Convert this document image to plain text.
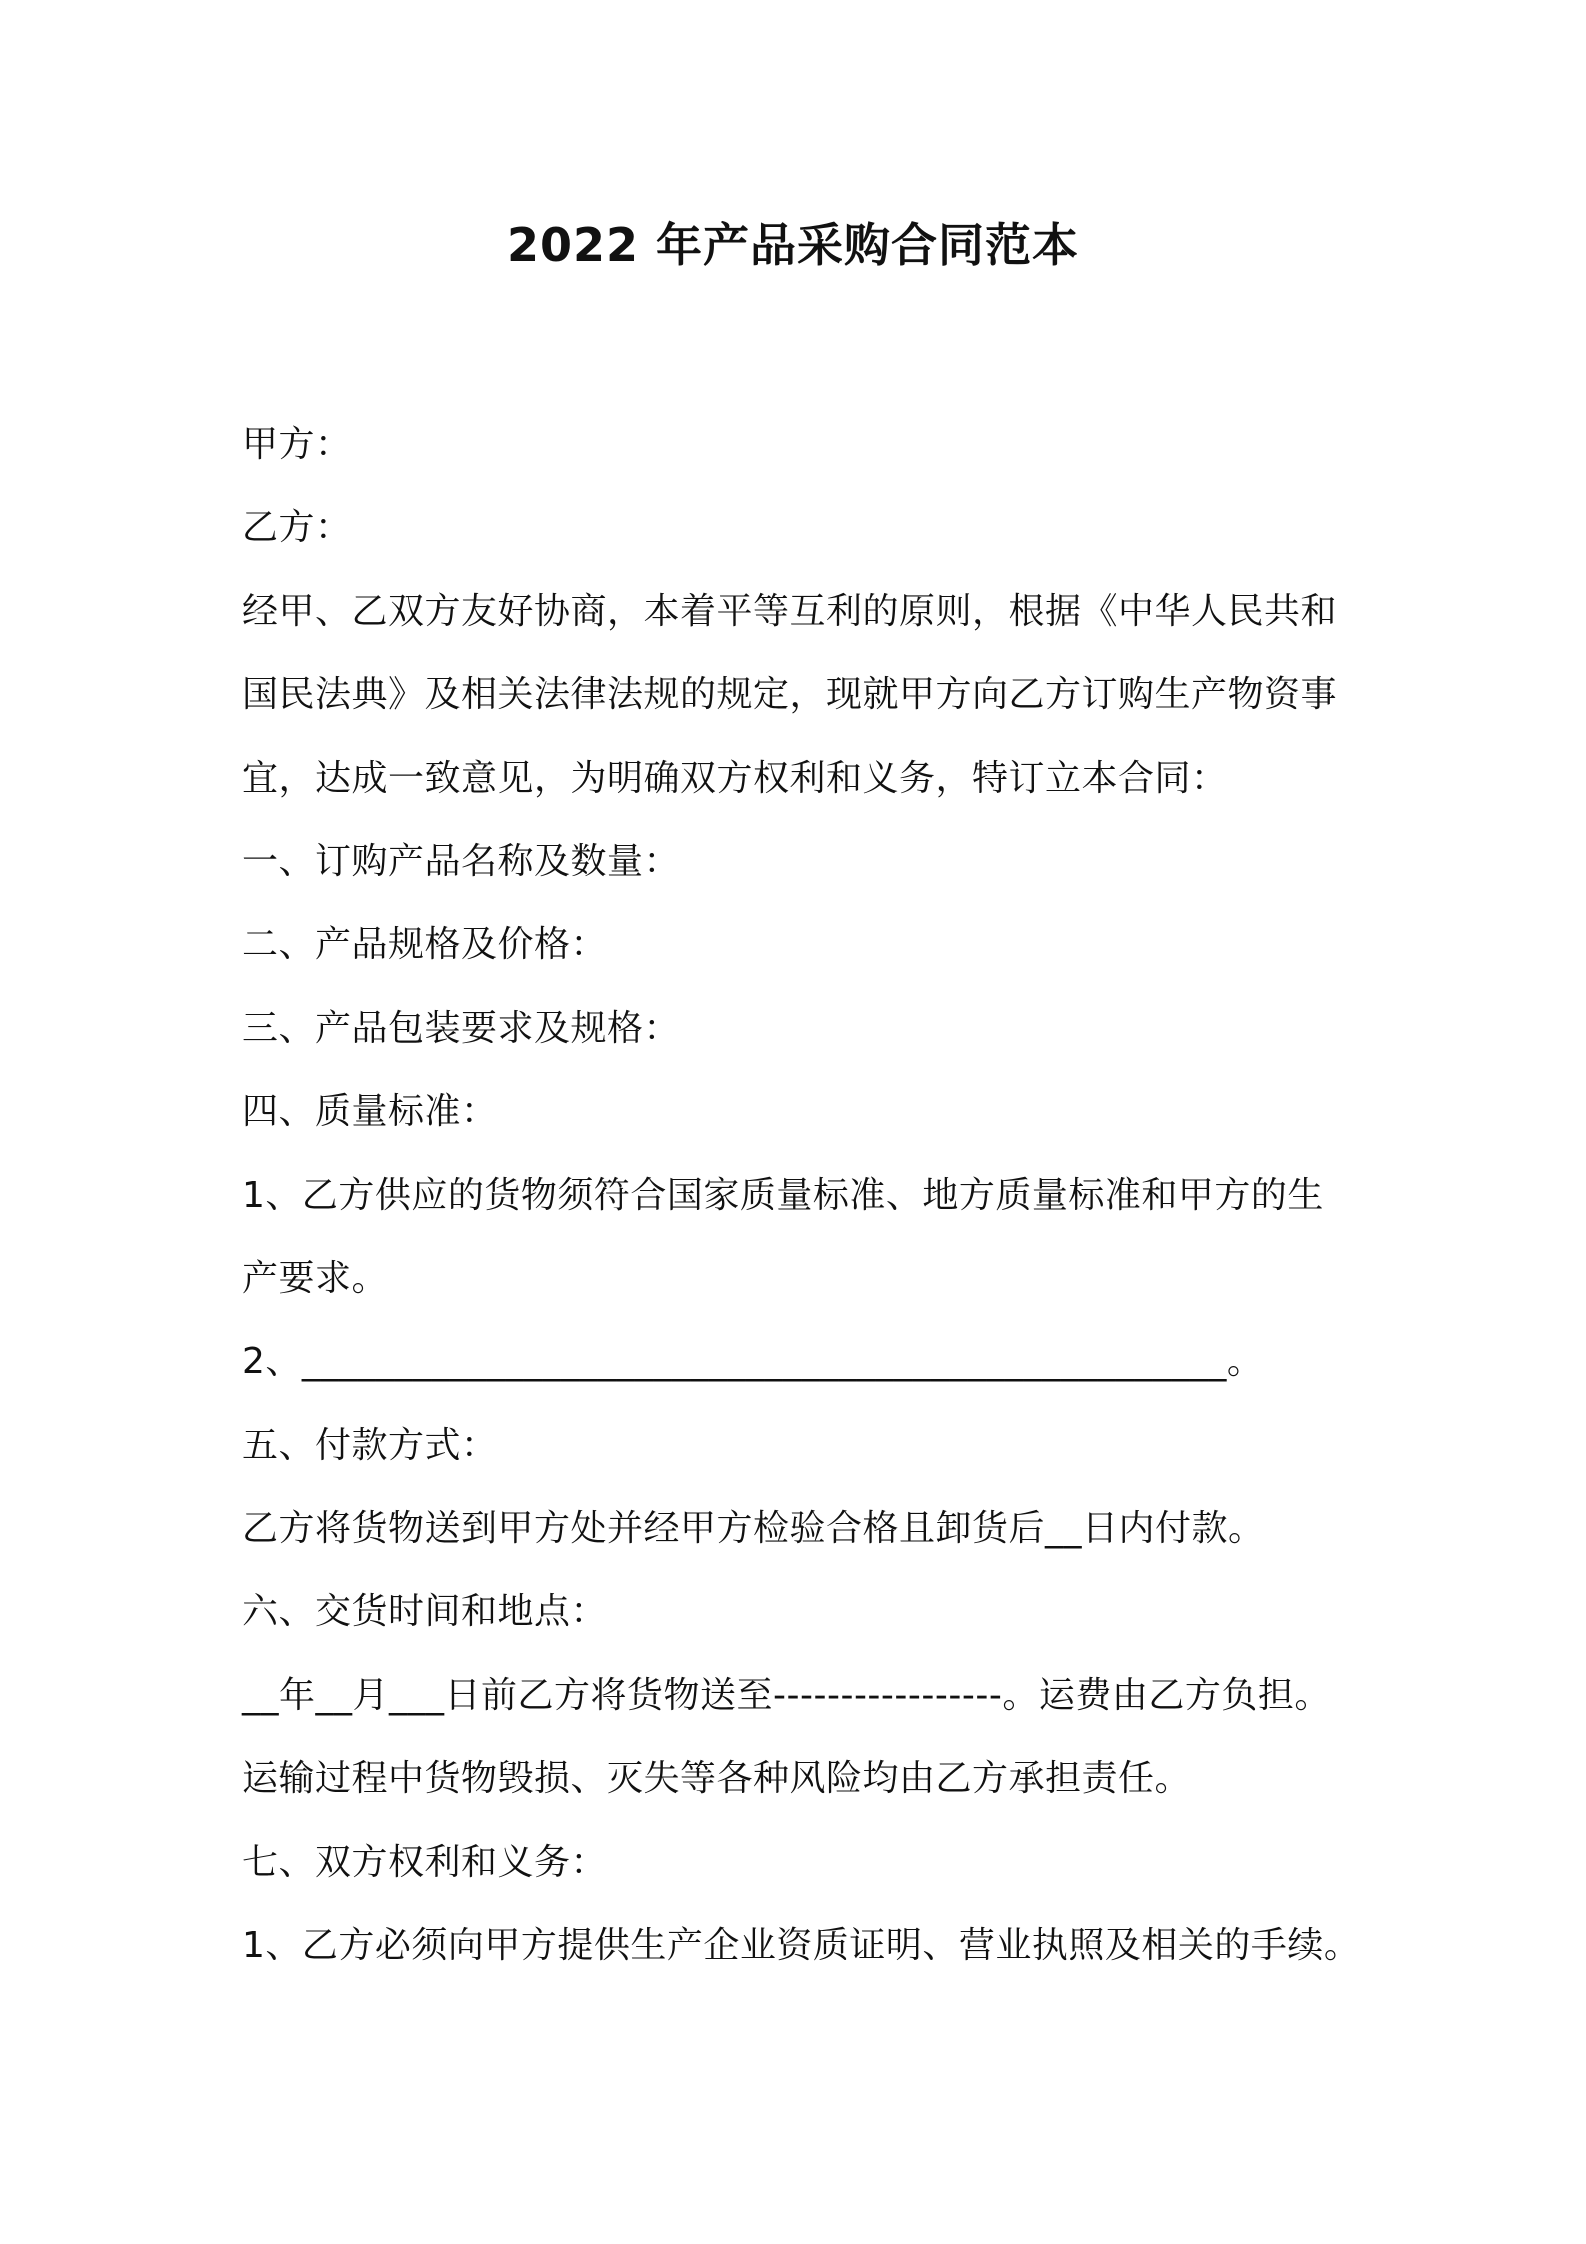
2022 年产品采购合同范本
甲方：
乙方：
经甲、乙双方友好协商，本着平等互利的原则，根据《中华人民共和
国民法典》及相关法律法规的规定，现就甲方向乙方订购生产物资事
宜，达成一致意见，为明确双方权利和义务，特订立本合同：
一、订购产品名称及数量：
二、产品规格及价格：
三、产品包装要求及规格：
四、质量标准：
1、乙方供应的货物须符合国家质量标准、地方质量标准和甲方的生
产要求。
2、__________________________________________________。
五、付款方式：
乙方将货物送到甲方处并经甲方检验合格且卸货后__日内付款。
六、交货时间和地点：
__年__月___日前乙方将货物送至-----------------。运费由乙方负担。
运输过程中货物毁损、灭失等各种风险均由乙方承担责任。
七、双方权利和义务：
1、乙方必须向甲方提供生产企业资质证明、营业执照及相关的手续。
